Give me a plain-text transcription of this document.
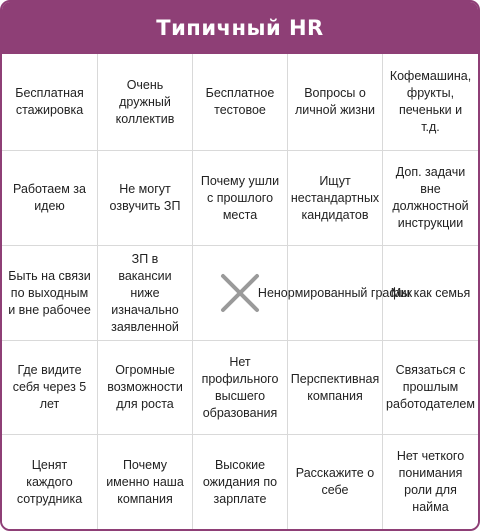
Типичный HR
Бесплатная стажировка
Очень дружный коллектив
Бесплатное тестовое
Вопросы о личной жизни
Кофемашина, фрукты, печеньки и т.д.
Работаем за идею
Не могут озвучить ЗП
Почему ушли с прошлого места
Ищут нестандартных кандидатов
Доп. задачи вне должностной инструкции
Быть на связи по выходным и вне рабочее
ЗП в вакансии ниже изначально заявленной
Ненормированный график
Мы как семья
Где видите себя через 5 лет
Огромные возможности для роста
Нет профильного высшего образования
Перспективная компания
Связаться с прошлым работодателем
Ценят каждого сотрудника
Почему именно наша компания
Высокие ожидания по зарплате
Расскажите о себе
Нет четкого понимания роли для найма
